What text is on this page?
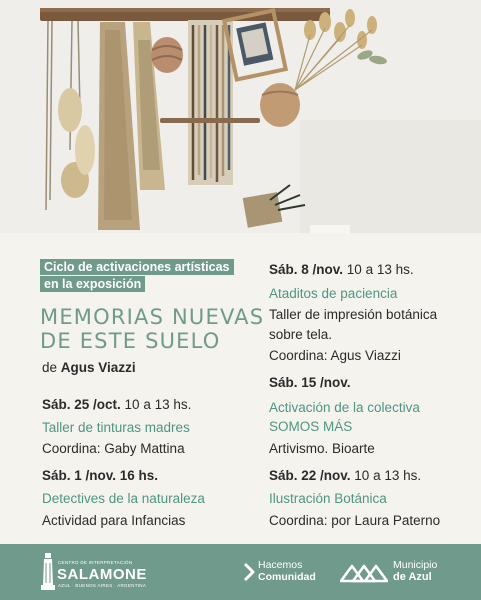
Ciclo de activaciones artísticas
en la exposición
MEMORIAS NUEVAS
DE ESTE SUELO
de Agus Viazzi
Sáb. 25 /oct. 10 a 13 hs.
Taller de tinturas madres
Coordina: Gaby Mattina
Sáb. 1 /nov. 16 hs.
Detectives de la naturaleza
Actividad para Infancias
Sáb. 8 /nov. 10 a 13 hs.
Ataditos de paciencia
Taller de impresión botánica
sobre tela.
Coordina: Agus Viazzi
Sáb. 15 /nov.
Activación de la colectiva
SOMOS MÁS
Artivismo. Bioarte
Sáb. 22 /nov. 10 a 13 hs.
Ilustración Botánica
Coordina: por Laura Paterno
CENTRO DE INTERPRETACIÓN
SALAMONE
AZUL · BUENOS AIRES · ARGENTINA
Hacemos
Comunidad
Municipio
de Azul
